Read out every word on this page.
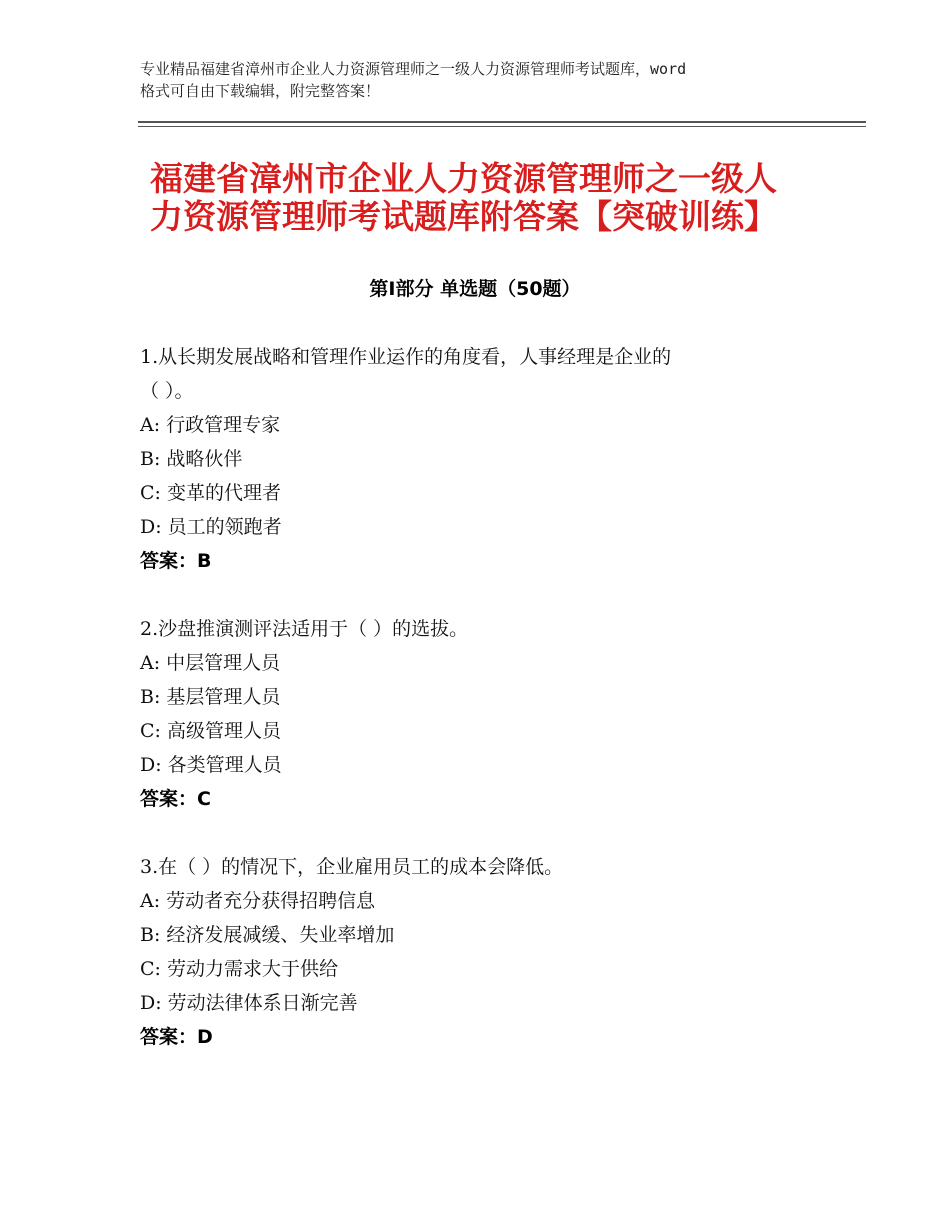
专业精品福建省漳州市企业人力资源管理师之一级人力资源管理师考试题库，word
格式可自由下载编辑，附完整答案！
福建省漳州市企业人力资源管理师之一级人
力资源管理师考试题库附答案【突破训练】
第Ⅰ部分 单选题（50题）
1.从长期发展战略和管理作业运作的角度看，人事经理是企业的
（ ）。
A: 行政管理专家
B: 战略伙伴
C: 变革的代理者
D: 员工的领跑者
答案：B
2.沙盘推演测评法适用于（ ）的选拔。
A: 中层管理人员
B: 基层管理人员
C: 高级管理人员
D: 各类管理人员
答案：C
3.在（ ）的情况下，企业雇用员工的成本会降低。
A: 劳动者充分获得招聘信息
B: 经济发展减缓、失业率增加
C: 劳动力需求大于供给
D: 劳动法律体系日渐完善
答案：D
